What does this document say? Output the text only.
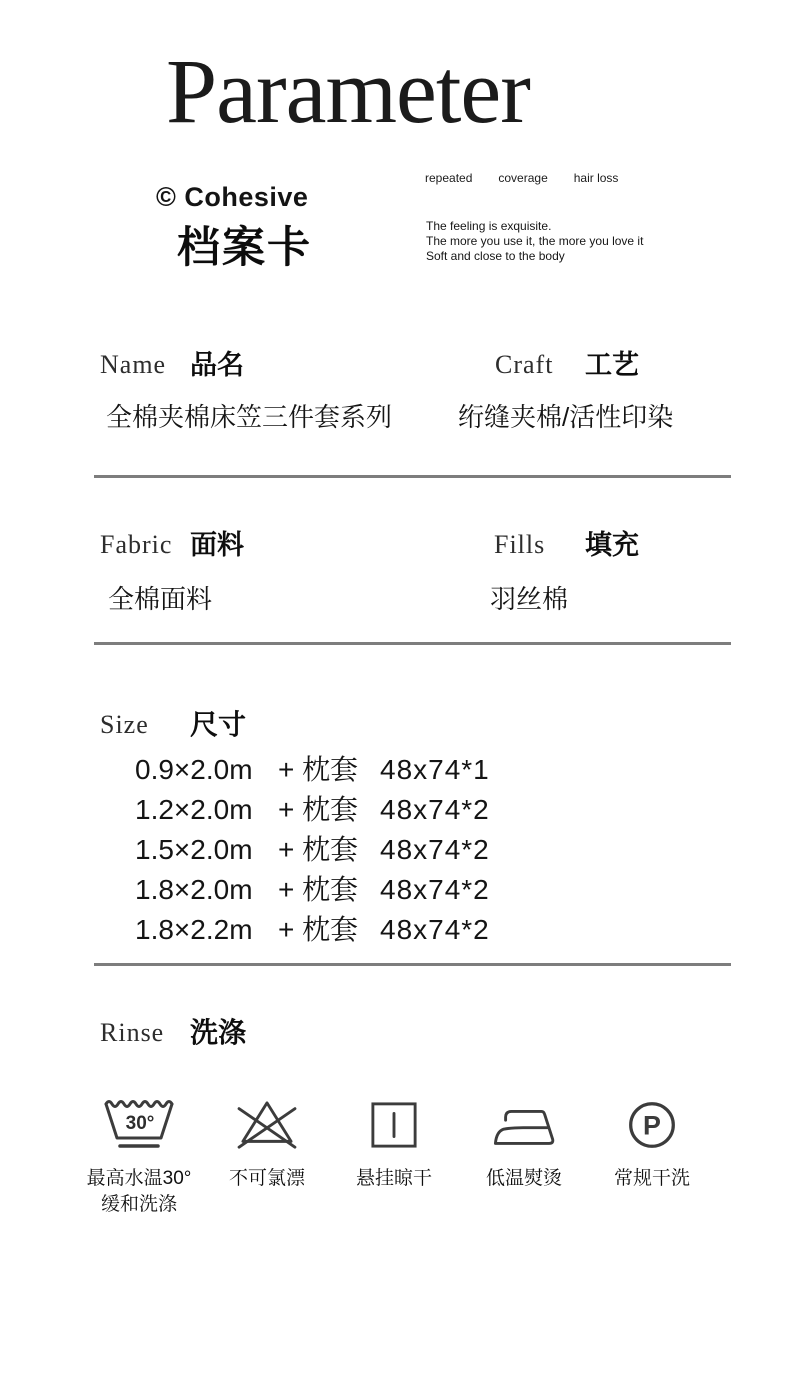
Parameter
© Cohesive
档案卡
repeated coverage hair loss
The feeling is exquisite.
The more you use it, the more you love it
Soft and close to the body
Name 品名	Craft 工艺
全棉夹棉床笠三件套系列	绗缝夹棉/活性印染
Fabric 面料	Fills 填充
全棉面料	羽丝棉
Size 尺寸
0.9×2.0m + 枕套 48x74*1
1.2×2.0m + 枕套 48x74*2
1.5×2.0m + 枕套 48x74*2
1.8×2.0m + 枕套 48x74*2
1.8×2.2m + 枕套 48x74*2
Rinse 洗涤
30°
最高水温30°
缓和洗涤
不可氯漂	悬挂晾干	低温熨烫
P
常规干洗
